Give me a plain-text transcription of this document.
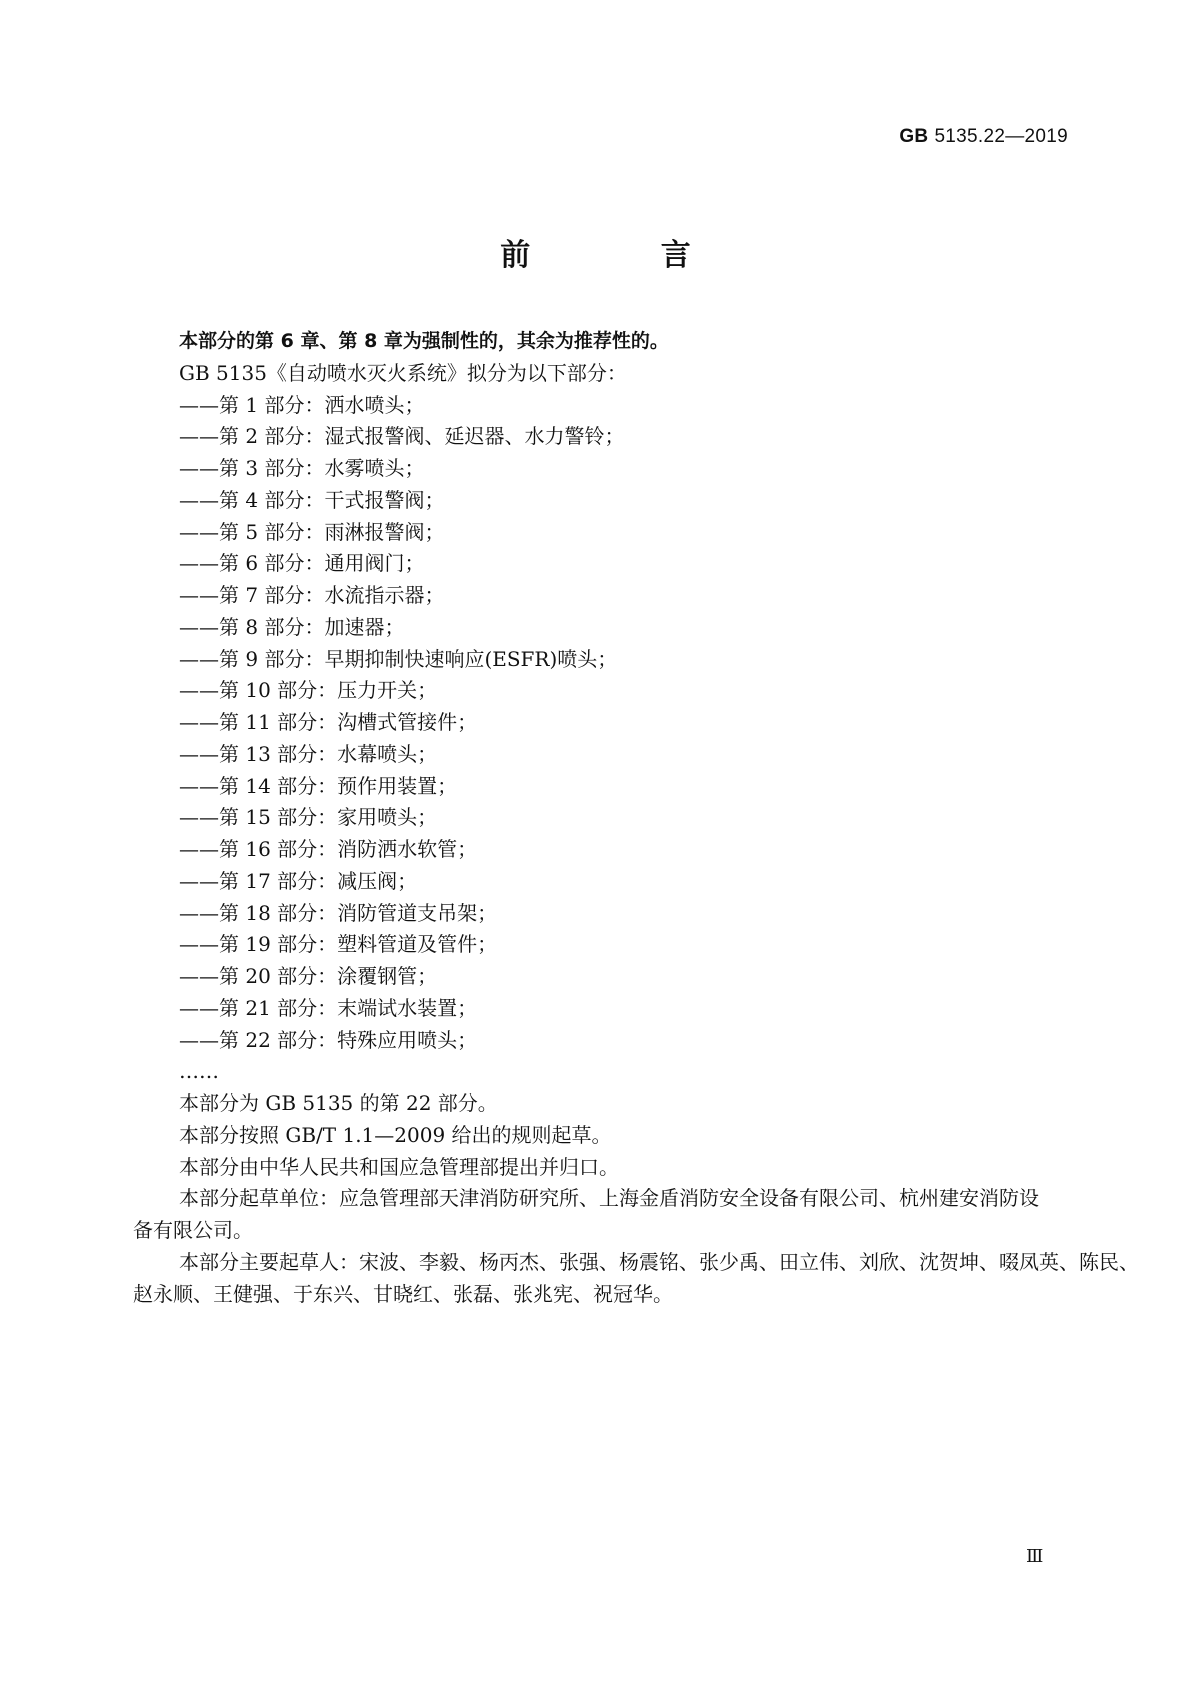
GB 5135.22—2019
前 言
本部分的第 6 章、第 8 章为强制性的，其余为推荐性的。
GB 5135《自动喷水灭火系统》拟分为以下部分：
——第 1 部分：洒水喷头；
——第 2 部分：湿式报警阀、延迟器、水力警铃；
——第 3 部分：水雾喷头；
——第 4 部分：干式报警阀；
——第 5 部分：雨淋报警阀；
——第 6 部分：通用阀门；
——第 7 部分：水流指示器；
——第 8 部分：加速器；
——第 9 部分：早期抑制快速响应(ESFR)喷头；
——第 10 部分：压力开关；
——第 11 部分：沟槽式管接件；
——第 13 部分：水幕喷头；
——第 14 部分：预作用装置；
——第 15 部分：家用喷头；
——第 16 部分：消防洒水软管；
——第 17 部分：减压阀；
——第 18 部分：消防管道支吊架；
——第 19 部分：塑料管道及管件；
——第 20 部分：涂覆钢管；
——第 21 部分：末端试水装置；
——第 22 部分：特殊应用喷头；
……
本部分为 GB 5135 的第 22 部分。
本部分按照 GB/T 1.1—2009 给出的规则起草。
本部分由中华人民共和国应急管理部提出并归口。
本部分起草单位：应急管理部天津消防研究所、上海金盾消防安全设备有限公司、杭州建安消防设
备有限公司。
本部分主要起草人：宋波、李毅、杨丙杰、张强、杨震铭、张少禹、田立伟、刘欣、沈贺坤、啜凤英、陈民、
赵永顺、王健强、于东兴、甘晓红、张磊、张兆宪、祝冠华。
Ⅲ
